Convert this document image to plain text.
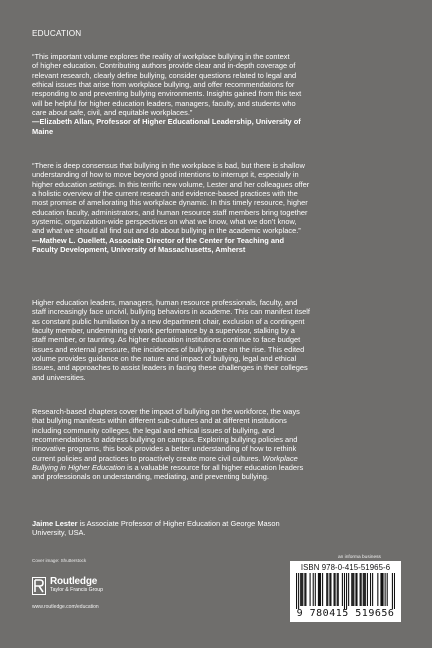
EDUCATION

“This important volume explores the reality of workplace bullying in the context

of higher education. Contributing authors provide clear and in-depth coverage of

relevant research, clearly define bullying, consider questions related to legal and

ethical issues that arise from workplace bullying, and offer recommendations for

responding to and preventing bullying environments. Insights gained from this text

will be helpful for higher education leaders, managers, faculty, and students who

care about safe, civil, and equitable workplaces.”

—Elizabeth Allan, Professor of Higher Educational Leadership, University of

Maine

“There is deep consensus that bullying in the workplace is bad, but there is shallow

understanding of how to move beyond good intentions to interrupt it, especially in

higher education settings. In this terrific new volume, Lester and her colleagues offer

a holistic overview of the current research and evidence-based practices with the

most promise of ameliorating this workplace dynamic. In this timely resource, higher

education faculty, administrators, and human resource staff members bring together

systemic, organization-wide perspectives on what we know, what we don’t know,

and what we should all find out and do about bullying in the academic workplace.”

—Mathew L. Ouellett, Associate Director of the Center for Teaching and

Faculty Development, University of Massachusetts, Amherst

Higher education leaders, managers, human resource professionals, faculty, and

staff increasingly face uncivil, bullying behaviors in academe. This can manifest itself

as constant public humiliation by a new department chair, exclusion of a contingent

faculty member, undermining of work performance by a supervisor, stalking by a

staff member, or taunting. As higher education institutions continue to face budget

issues and external pressure, the incidences of bullying are on the rise. This edited

volume provides guidance on the nature and impact of bullying, legal and ethical

issues, and approaches to assist leaders in facing these challenges in their colleges

and universities.

Research-based chapters cover the impact of bullying on the workforce, the ways

that bullying manifests within different sub-cultures and at different institutions

including community colleges, the legal and ethical issues of bullying, and

recommendations to address bullying on campus. Exploring bullying policies and

innovative programs, this book provides a better understanding of how to rethink

current policies and practices to proactively create more civil cultures. Workplace

Bullying in Higher Education is a valuable resource for all higher education leaders

and professionals on understanding, mediating, and preventing bullying.

Jaime Lester is Associate Professor of Higher Education at George Mason

University, USA.

Cover image: Shutterstock
Routledge
Taylor & Francis Group
www.routledge.com/education
an informa business
ISBN 978-0-415-51965-6
9 780415 519656
